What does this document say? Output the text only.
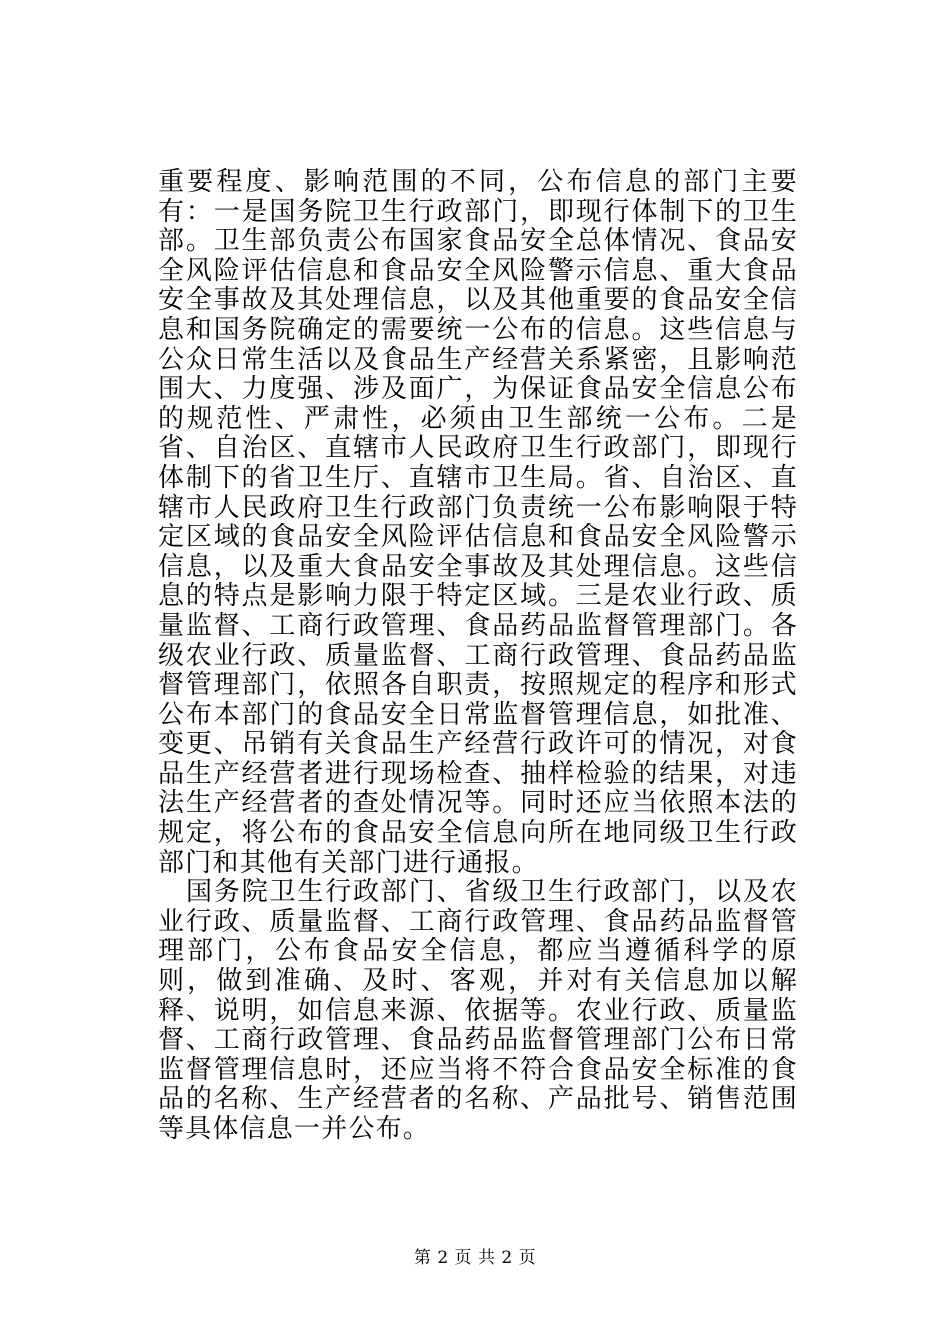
重要程度、影响范围的不同，公布信息的部门主要有：一是国务院卫生行政部门，即现行体制下的卫生部。卫生部负责公布国家食品安全总体情况、食品安全风险评估信息和食品安全风险警示信息、重大食品安全事故及其处理信息，以及其他重要的食品安全信息和国务院确定的需要统一公布的信息。这些信息与公众日常生活以及食品生产经营关系紧密，且影响范围大、力度强、涉及面广，为保证食品安全信息公布的规范性、严肃性，必须由卫生部统一公布。二是省、自治区、直辖市人民政府卫生行政部门，即现行体制下的省卫生厅、直辖市卫生局。省、自治区、直辖市人民政府卫生行政部门负责统一公布影响限于特定区域的食品安全风险评估信息和食品安全风险警示信息，以及重大食品安全事故及其处理信息。这些信息的特点是影响力限于特定区域。三是农业行政、质量监督、工商行政管理、食品药品监督管理部门。各级农业行政、质量监督、工商行政管理、食品药品监督管理部门，依照各自职责，按照规定的程序和形式公布本部门的食品安全日常监督管理信息，如批准、变更、吊销有关食品生产经营行政许可的情况，对食品生产经营者进行现场检查、抽样检验的结果，对违法生产经营者的查处情况等。同时还应当依照本法的规定，将公布的食品安全信息向所在地同级卫生行政部门和其他有关部门进行通报。

国务院卫生行政部门、省级卫生行政部门，以及农业行政、质量监督、工商行政管理、食品药品监督管理部门，公布食品安全信息，都应当遵循科学的原则，做到准确、及时、客观，并对有关信息加以解释、说明，如信息来源、依据等。农业行政、质量监督、工商行政管理、食品药品监督管理部门公布日常监督管理信息时，还应当将不符合食品安全标准的食品的名称、生产经营者的名称、产品批号、销售范围等具体信息一并公布。

第 2 页 共 2 页
